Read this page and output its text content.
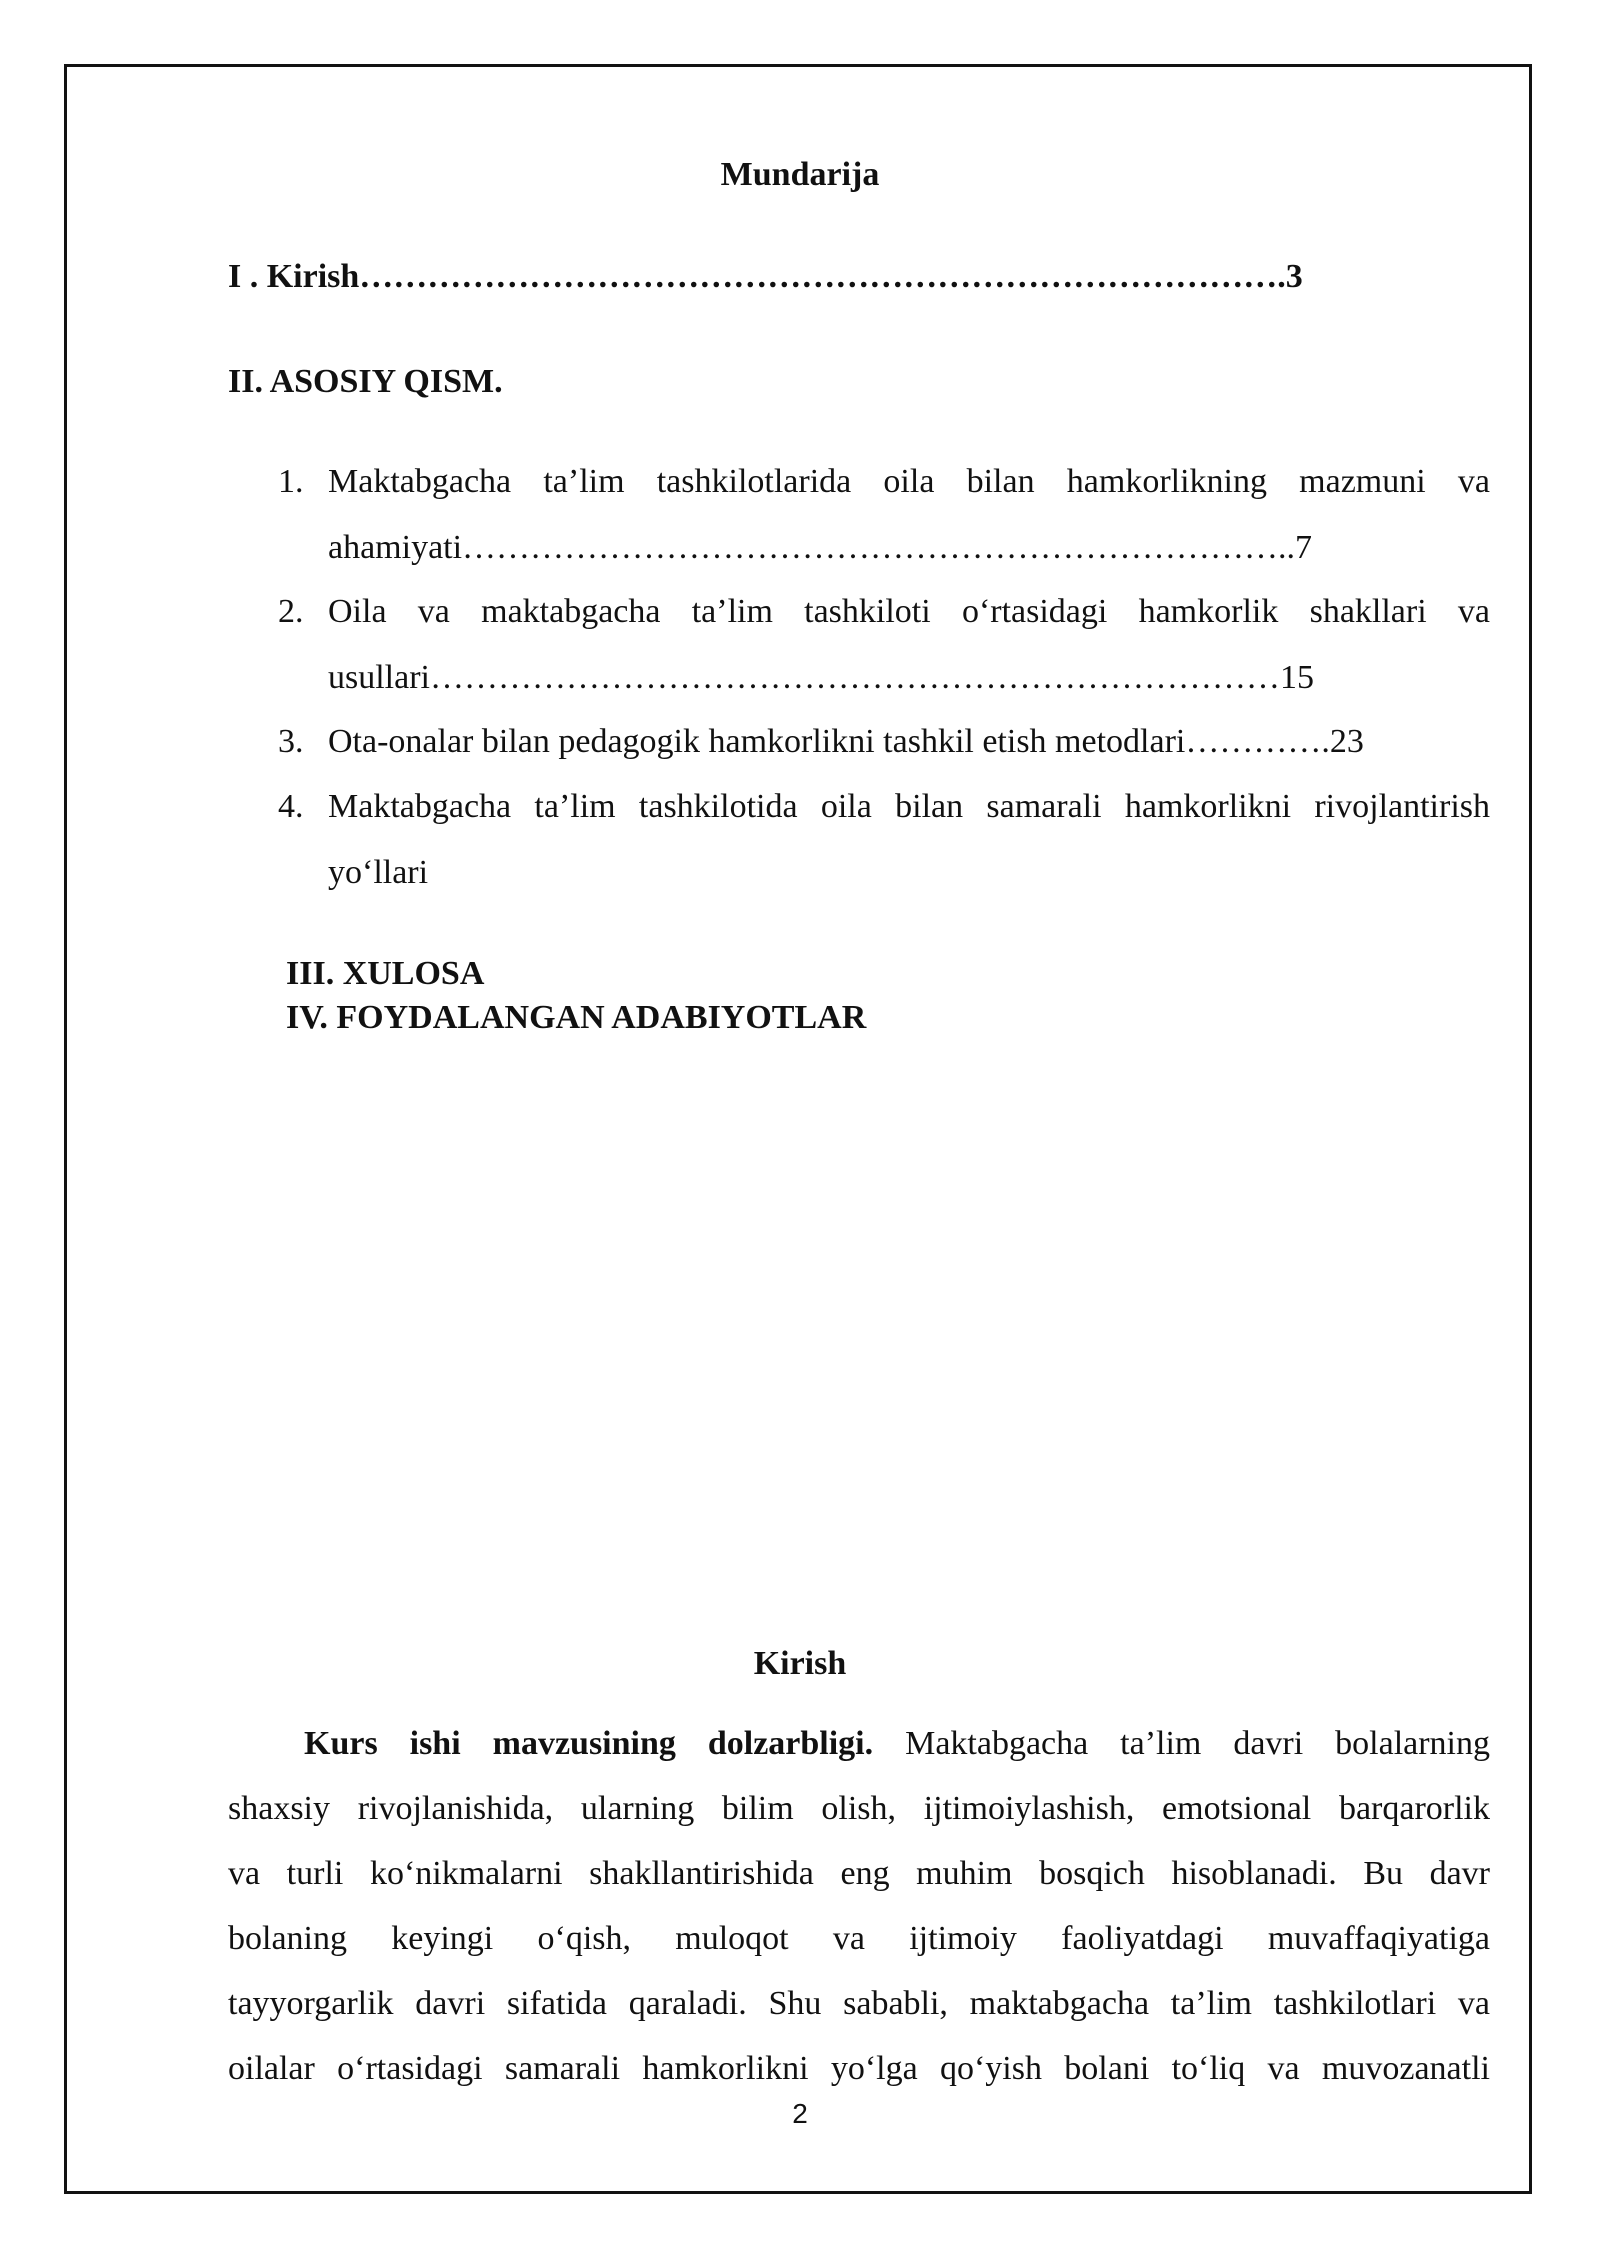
Mundarija
I . Kirish……………………………………………………………………….3
II. ASOSIY QISM.
1. Maktabgacha ta’lim tashkilotlarida oila bilan hamkorlikning mazmuni va
ahamiyati………………………………………………………………..7
2. Oila va maktabgacha ta’lim tashkiloti o‘rtasidagi hamkorlik shakllari va
usullari…………………………………………………………………15
3. Ota-onalar bilan pedagogik hamkorlikni tashkil etish metodlari………….23
4. Maktabgacha ta’lim tashkilotida oila bilan samarali hamkorlikni rivojlantirish
yo‘llari
III. XULOSA
IV. FOYDALANGAN ADABIYOTLAR
Kirish
Kurs ishi mavzusining dolzarbligi. Maktabgacha ta’lim davri bolalarning
shaxsiy rivojlanishida, ularning bilim olish, ijtimoiylashish, emotsional barqarorlik
va turli ko‘nikmalarni shakllantirishida eng muhim bosqich hisoblanadi. Bu davr
bolaning keyingi o‘qish, muloqot va ijtimoiy faoliyatdagi muvaffaqiyatiga
tayyorgarlik davri sifatida qaraladi. Shu sababli, maktabgacha ta’lim tashkilotlari va
oilalar o‘rtasidagi samarali hamkorlikni yo‘lga qo‘yish bolani to‘liq va muvozanatli
2
